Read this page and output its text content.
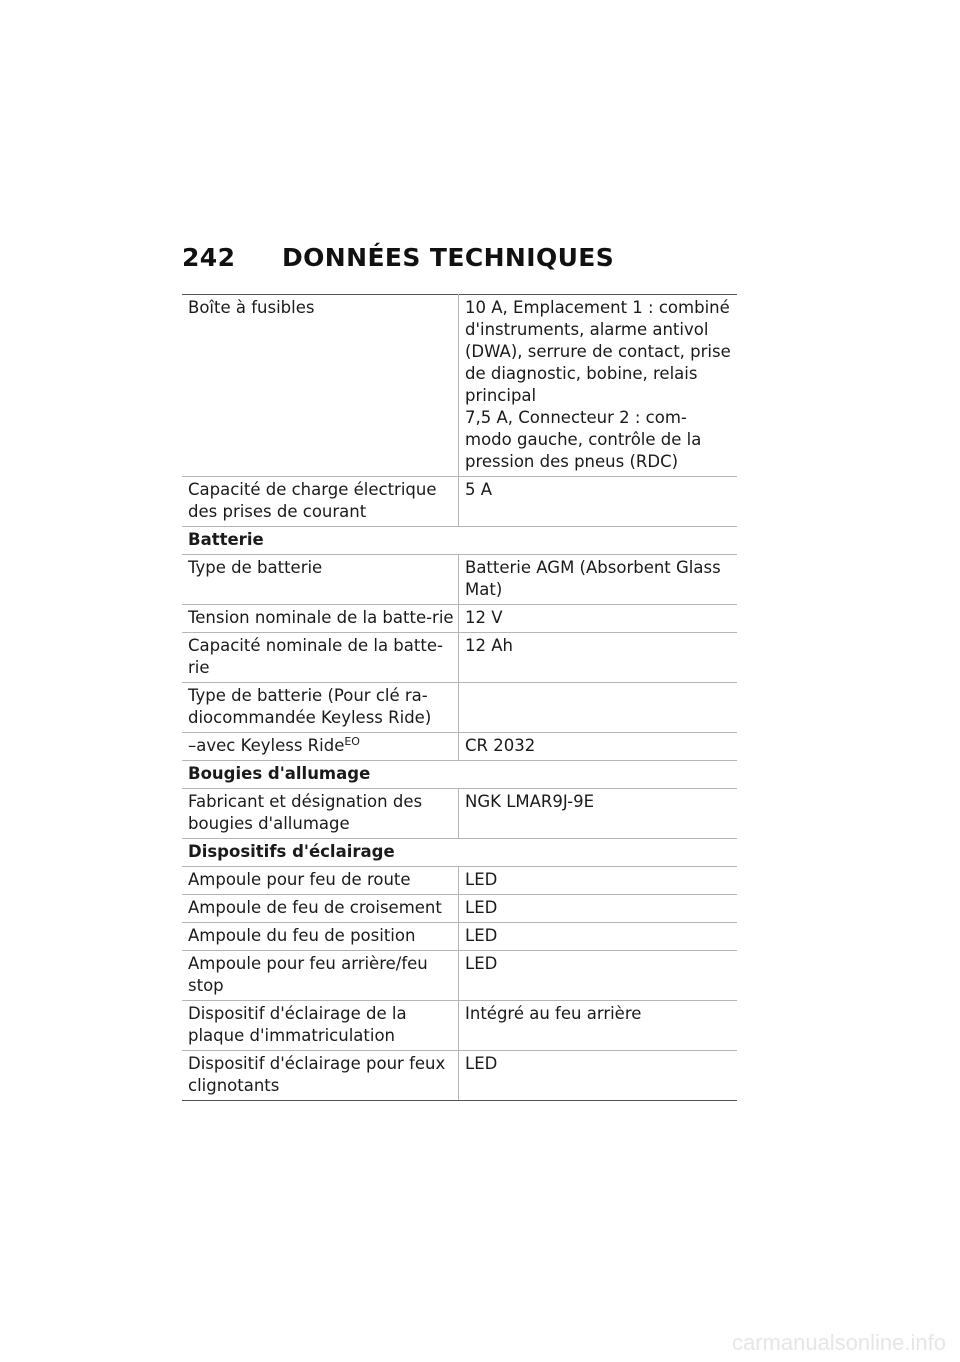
242 DONNÉES TECHNIQUES
Boîte à fusibles	10 A, Emplacement 1 : combiné d'instruments, alarme antivol (DWA), serrure de contact, prise de diagnostic, bobine, relais principal

7,5 A, Connecteur 2 : com-modo gauche, contrôle de la pression des pneus (RDC)

Capacité de charge électrique des prises de courant	5 A
Batterie	
Type de batterie	Batterie AGM (Absorbent Glass Mat)
Tension nominale de la batte-rie	12 V
Capacité nominale de la batte-rie	12 Ah
Type de batterie (Pour clé ra-diocommandée Keyless Ride)	
–avec Keyless Ride$^{EO}$	CR 2032
Bougies d'allumage	
Fabricant et désignation des bougies d'allumage	NGK LMAR9J-9E
Dispositifs d'éclairage	
Ampoule pour feu de route	LED
Ampoule de feu de croisement	LED
Ampoule du feu de position	LED
Ampoule pour feu arrière/feu stop	LED
Dispositif d'éclairage de la plaque d'immatriculation	Intégré au feu arrière
Dispositif d'éclairage pour feux clignotants	LED
carmanualsonline.info
